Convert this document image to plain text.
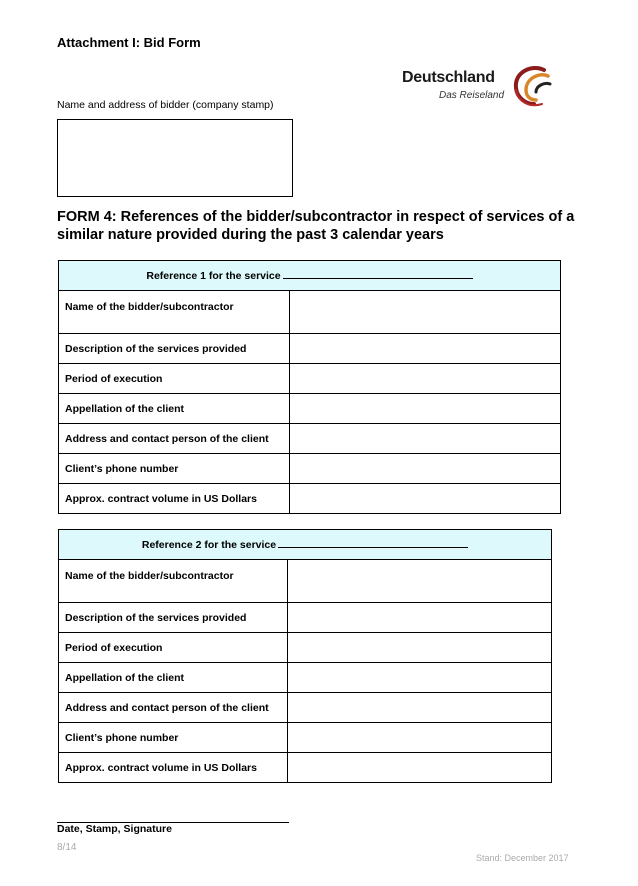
Attachment I: Bid Form
Deutschland
Das Reiseland
Name and address of bidder (company stamp)
FORM 4: References of the bidder/subcontractor in respect of services of a similar nature provided during the past 3 calendar years
Reference 1 for the service	
Name of the bidder/subcontractor	
Description of the services provided	
Period of execution	
Appellation of the client	
Address and contact person of the client	
Client’s phone number	
Approx. contract volume in US Dollars	
Reference 2 for the service	
Name of the bidder/subcontractor	
Description of the services provided	
Period of execution	
Appellation of the client	
Address and contact person of the client	
Client’s phone number	
Approx. contract volume in US Dollars	
Date, Stamp, Signature
8/14
Stand: December 2017
